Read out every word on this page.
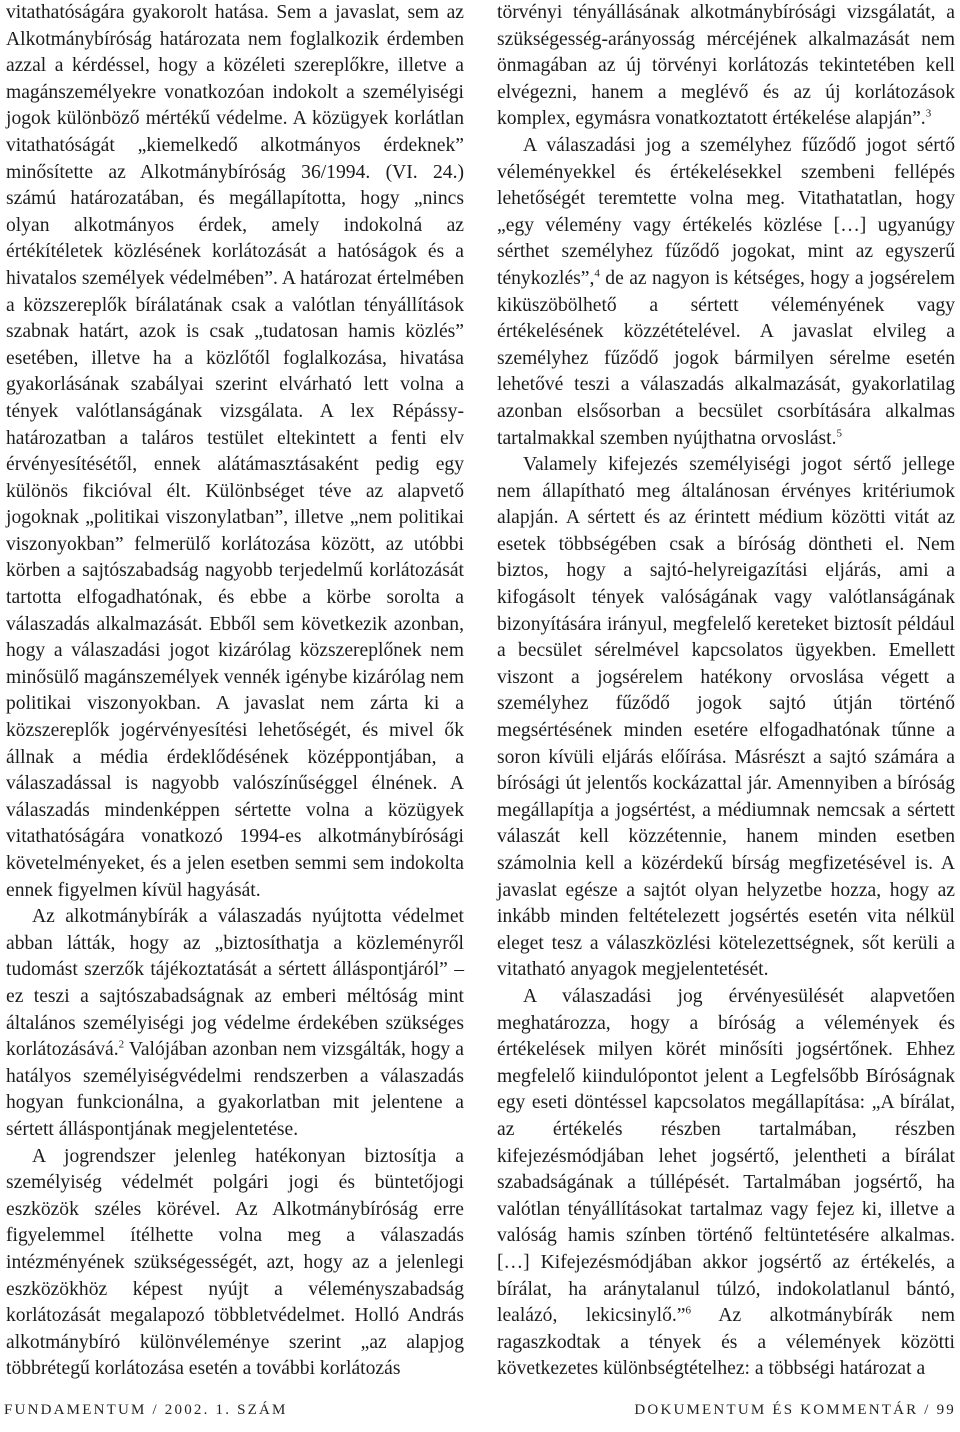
vitathatóságára gyakorolt hatása. Sem a javaslat, sem az Alkotmánybíróság határozata nem foglalkozik érdemben azzal a kérdéssel, hogy a közéleti szereplőkre, illetve a magánszemélyekre vonatkozóan indokolt a személyiségi jogok különböző mértékű védelme. A közügyek korlátlan vitathatóságát „kiemelkedő alkotmányos érdeknek” minősítette az Alkotmánybíróság 36/1994. (VI. 24.) számú határozatában, és megállapította, hogy „nincs olyan alkotmányos érdek, amely indokolná az értékítéletek közlésének korlátozását a hatóságok és a hivatalos személyek védelmében”. A határozat értelmében a közszereplők bírálatának csak a valótlan tényállítások szabnak határt, azok is csak „tudatosan hamis közlés” esetében, illetve ha a közlőtől foglalkozása, hivatása gyakorlásának szabályai szerint elvárható lett volna a tények valótlanságának vizsgálata. A lex Répássy-határozatban a taláros testület eltekintett a fenti elv érvényesítésétől, ennek alátámasztásaként pedig egy különös fikcióval élt. Különbséget téve az alapvető jogoknak „politikai viszonylatban”, illetve „nem politikai viszonyokban” felmerülő korlátozása között, az utóbbi körben a sajtószabadság nagyobb terjedelmű korlátozását tartotta elfogadhatónak, és ebbe a körbe sorolta a válaszadás alkalmazását. Ebből sem következik azonban, hogy a válaszadási jogot kizárólag közszereplőnek nem minősülő magánszemélyek vennék igénybe kizárólag nem politikai viszonyokban. A javaslat nem zárta ki a közszereplők jogérvényesítési lehetőségét, és mivel ők állnak a média érdeklődésének középpontjában, a válaszadással is nagyobb valószínűséggel élnének. A válaszadás mindenképpen sértette volna a közügyek vitathatóságára vonatkozó 1994-es alkotmánybírósági követelményeket, és a jelen esetben semmi sem indokolta ennek figyelmen kívül hagyását.

Az alkotmánybírák a válaszadás nyújtotta védelmet abban látták, hogy az „biztosíthatja a közleményről tudomást szerzők tájékoztatását a sértett álláspontjáról” – ez teszi a sajtószabadságnak az emberi méltóság mint általános személyiségi jog védelme érdekében szükséges korlátozásává.$^2$ Valójában azonban nem vizsgálták, hogy a hatályos személyiségvédelmi rendszerben a válaszadás hogyan funkcionálna, a gyakorlatban mit jelentene a sértett álláspontjának megjelentetése.

A jogrendszer jelenleg hatékonyan biztosítja a személyiség védelmét polgári jogi és büntetőjogi eszközök széles körével. Az Alkotmánybíróság erre figyelemmel ítélhette volna meg a válaszadás intézményének szükségességét, azt, hogy az a jelenlegi eszközökhöz képest nyújt a véleményszabadság korlátozását megalapozó többletvédelmet. Holló András alkotmánybíró különvéleménye szerint „az alapjog többrétegű korlátozása esetén a további korlátozás

törvényi tényállásának alkotmánybírósági vizsgálatát, a szükségesség-arányosság mércéjének alkalmazását nem önmagában az új törvényi korlátozás tekintetében kell elvégezni, hanem a meglévő és az új korlátozások komplex, egymásra vonatkoztatott értékelése alapján”.$^3$

A válaszadási jog a személyhez fűződő jogot sértő véleményekkel és értékelésekkel szembeni fellépés lehetőségét teremtette volna meg. Vitathatatlan, hogy „egy vélemény vagy értékelés közlése […] ugyanúgy sérthet személyhez fűződő jogokat, mint az egyszerű ténykozlés”,$^4$ de az nagyon is kétséges, hogy a jogsérelem kiküszöbölhető a sértett véleményének vagy értékelésének közzétételével. A javaslat elvileg a személyhez fűződő jogok bármilyen sérelme esetén lehetővé teszi a válaszadás alkalmazását, gyakorlatilag azonban elsősorban a becsület csorbítására alkalmas tartalmakkal szemben nyújthatna orvoslást.$^5$

Valamely kifejezés személyiségi jogot sértő jellege nem állapítható meg általánosan érvényes kritériumok alapján. A sértett és az érintett médium közötti vitát az esetek többségében csak a bíróság döntheti el. Nem biztos, hogy a sajtó-helyreigazítási eljárás, ami a kifogásolt tények valóságának vagy valótlanságának bizonyítására irányul, megfelelő kereteket biztosít például a becsület sérelmével kapcsolatos ügyekben. Emellett viszont a jogsérelem hatékony orvoslása végett a személyhez fűződő jogok sajtó útján történő megsértésének minden esetére elfogadhatónak tűnne a soron kívüli eljárás előírása. Másrészt a sajtó számára a bírósági út jelentős kockázattal jár. Amennyiben a bíróság megállapítja a jogsértést, a médiumnak nemcsak a sértett válaszát kell közzétennie, hanem minden esetben számolnia kell a közérdekű bírság megfizetésével is. A javaslat egésze a sajtót olyan helyzetbe hozza, hogy az inkább minden feltételezett jogsértés esetén vita nélkül eleget tesz a válaszközlési kötelezettségnek, sőt kerüli a vitatható anyagok megjelentetését.

A válaszadási jog érvényesülését alapvetően meghatározza, hogy a bíróság a vélemények és értékelések milyen körét minősíti jogsértőnek. Ehhez megfelelő kiindulópontot jelent a Legfelsőbb Bíróságnak egy eseti döntéssel kapcsolatos megállapítása: „A bírálat, az értékelés részben tartalmában, részben kifejezésmódjában lehet jogsértő, jelentheti a bírálat szabadságának a túllépését. Tartalmában jogsértő, ha valótlan tényállításokat tartalmaz vagy fejez ki, illetve a valóság hamis színben történő feltüntetésére alkalmas. […] Kifejezésmódjában akkor jogsértő az értékelés, a bírálat, ha aránytalanul túlzó, indokolatlanul bántó, lealázó, lekicsinylő.”$^6$ Az alkotmánybírák nem ragaszkodtak a tények és a vélemények közötti következetes különbségtételhez: a többségi határozat a

FUNDAMENTUM / 2002. 1. SZÁM	DOKUMENTUM ÉS KOMMENTÁR / 99
